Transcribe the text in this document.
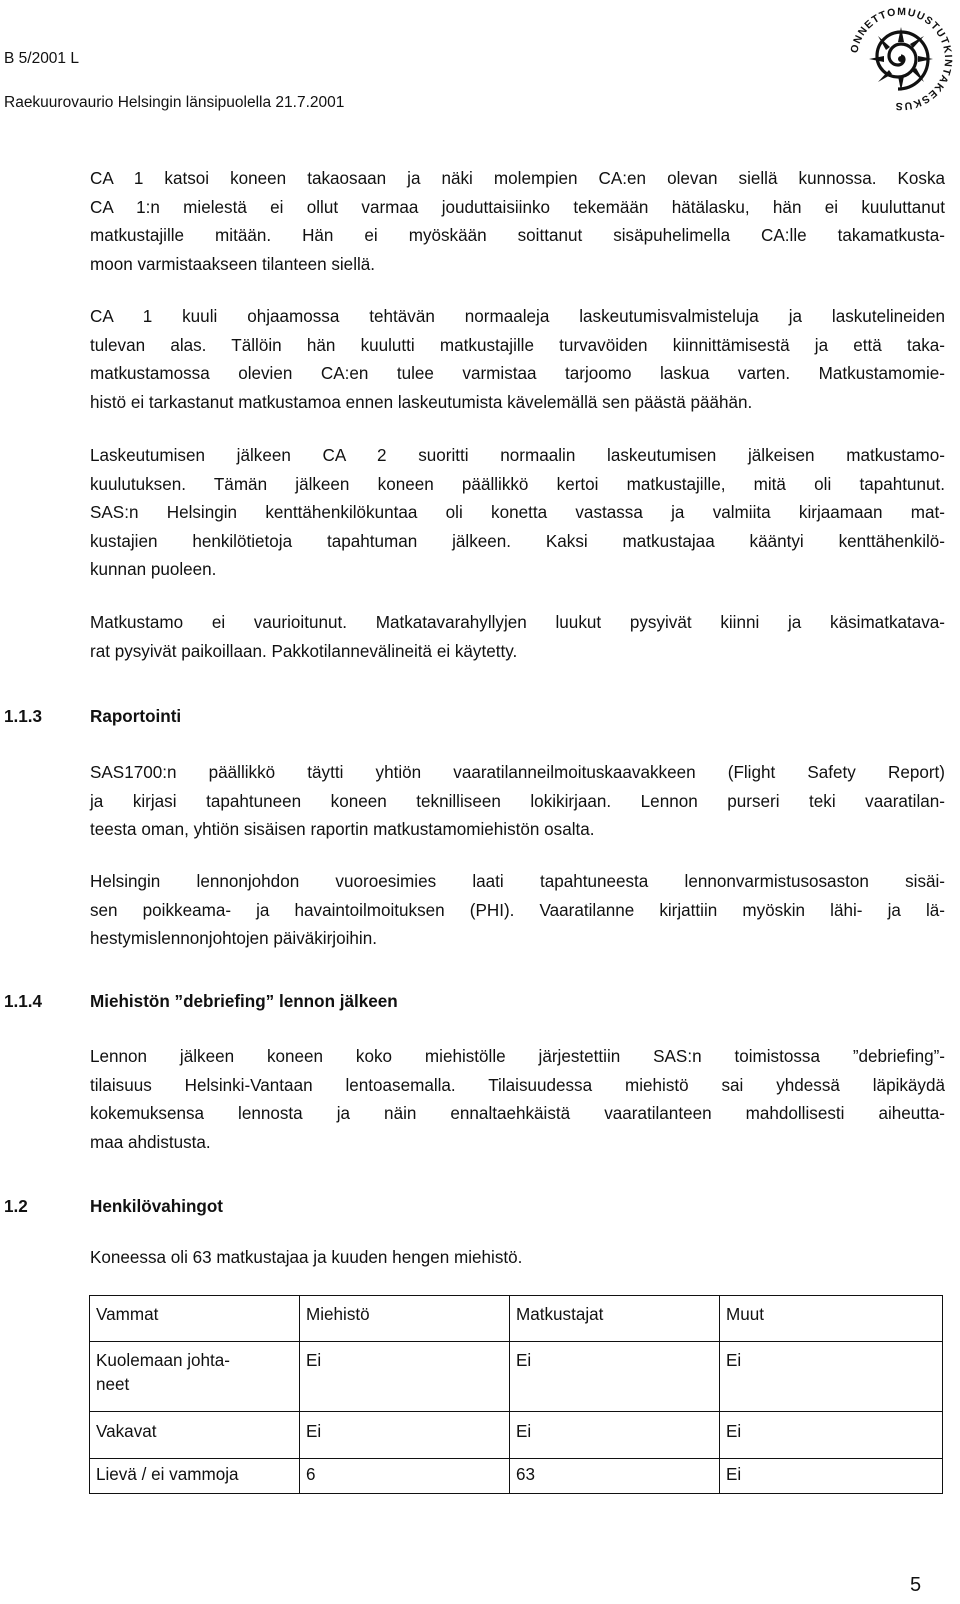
B 5/2001 L
Raekuurovaurio Helsingin länsipuolella 21.7.2001
ONNETTOMUUSTUTKINTAKESKUS
CA 1 katsoi koneen takaosaan ja näki molempien CA:en olevan siellä kunnossa. Koska
CA 1:n mielestä ei ollut varmaa jouduttaisiinko tekemään hätälasku, hän ei kuuluttanut
matkustajille mitään. Hän ei myöskään soittanut sisäpuhelimella CA:lle takamatkusta-
moon varmistaakseen tilanteen siellä.
CA 1 kuuli ohjaamossa tehtävän normaaleja laskeutumisvalmisteluja ja laskutelineiden
tulevan alas. Tällöin hän kuulutti matkustajille turvavöiden kiinnittämisestä ja että taka-
matkustamossa olevien CA:en tulee varmistaa tarjoomo laskua varten. Matkustamomie-
histö ei tarkastanut matkustamoa ennen laskeutumista kävelemällä sen päästä päähän.
Laskeutumisen jälkeen CA 2 suoritti normaalin laskeutumisen jälkeisen matkustamo-
kuulutuksen. Tämän jälkeen koneen päällikkö kertoi matkustajille, mitä oli tapahtunut.
SAS:n Helsingin kenttähenkilökuntaa oli konetta vastassa ja valmiita kirjaamaan mat-
kustajien henkilötietoja tapahtuman jälkeen. Kaksi matkustajaa kääntyi kenttähenkilö-
kunnan puoleen.
Matkustamo ei vaurioitunut. Matkatavarahyllyjen luukut pysyivät kiinni ja käsimatkatava-
rat pysyivät paikoillaan. Pakkotilannevälineitä ei käytetty.
1.1.3	Raportointi
SAS1700:n päällikkö täytti yhtiön vaaratilanneilmoituskaavakkeen (Flight Safety Report)
ja kirjasi tapahtuneen koneen teknilliseen lokikirjaan. Lennon purseri teki vaaratilan-
teesta oman, yhtiön sisäisen raportin matkustamomiehistön osalta.
Helsingin lennonjohdon vuoroesimies laati tapahtuneesta lennonvarmistusosaston sisäi-
sen poikkeama- ja havaintoilmoituksen (PHI). Vaaratilanne kirjattiin myöskin lähi- ja lä-
hestymislennonjohtojen päiväkirjoihin.
1.1.4	Miehistön ”debriefing” lennon jälkeen
Lennon jälkeen koneen koko miehistölle järjestettiin SAS:n toimistossa ”debriefing”-
tilaisuus Helsinki-Vantaan lentoasemalla. Tilaisuudessa miehistö sai yhdessä läpikäydä
kokemuksensa lennosta ja näin ennaltaehkäistä vaaratilanteen mahdollisesti aiheutta-
maa ahdistusta.
1.2	Henkilövahingot
Koneessa oli 63 matkustajaa ja kuuden hengen miehistö.
Vammat	Miehistö	Matkustajat	Muut
Kuolemaan johta-
neet	Ei	Ei	Ei
Vakavat	Ei	Ei	Ei
Lievä / ei vammoja	6	63	Ei
5
